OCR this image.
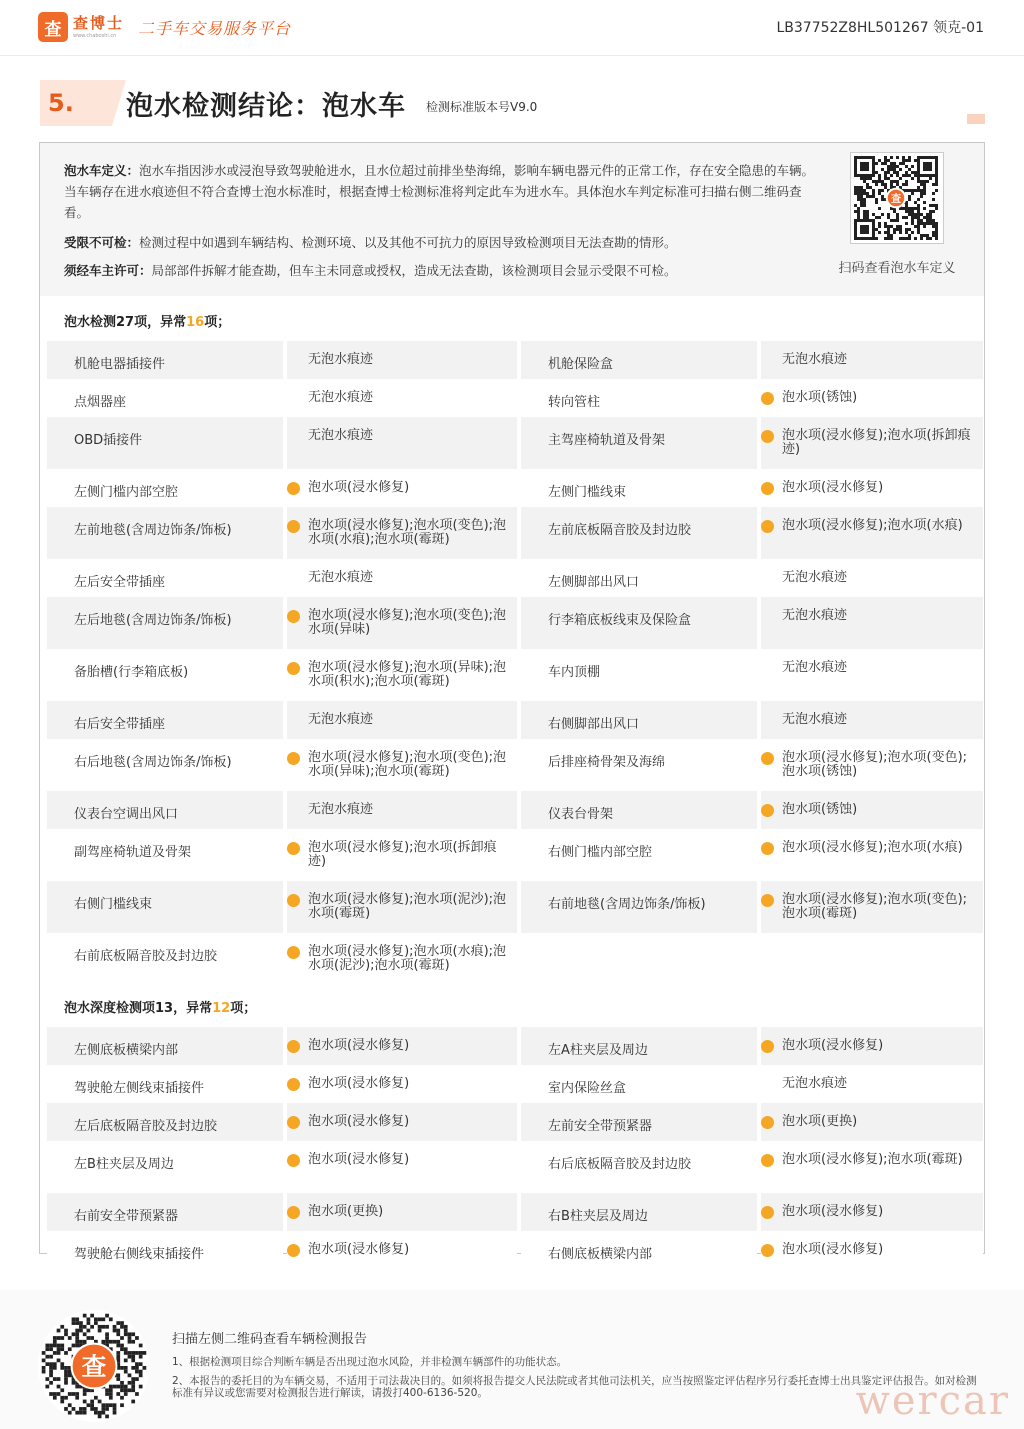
查 查博士
www.chaboshi.cn	二手车交易服务平台	LB37752Z8HL501267 领克-01
5. 泡水检测结论：泡水车 检测标准版本号V9.0
泡水车定义：泡水车指因涉水或浸泡导致驾驶舱进水，且水位超过前排坐垫海绵，影响车辆电器元件的正常工作，存在安全隐患的车辆。当车辆存在进水痕迹但不符合查博士泡水标准时，根据查博士检测标准将判定此车为进水车。具体泡水车判定标准可扫描右侧二维码查看。
受限不可检：检测过程中如遇到车辆结构、检测环境、以及其他不可抗力的原因导致检测项目无法查勘的情形。
须经车主许可：局部部件拆解才能查勘，但车主未同意或授权，造成无法查勘，该检测项目会显示受限不可检。
查
扫码查看泡水车定义
泡水检测27项，异常16项；
机舱电器插接件	无泡水痕迹	机舱保险盒	无泡水痕迹

点烟器座	无泡水痕迹	转向管柱	泡水项(锈蚀)

OBD插接件	无泡水痕迹	主驾座椅轨道及骨架	泡水项(浸水修复);泡水项(拆卸痕迹)

左侧门槛内部空腔	泡水项(浸水修复)	左侧门槛线束	泡水项(浸水修复)

左前地毯(含周边饰条/饰板)	泡水项(浸水修复);泡水项(变色);泡水项(水痕);泡水项(霉斑)	左前底板隔音胶及封边胶	泡水项(浸水修复);泡水项(水痕)

左后安全带插座	无泡水痕迹	左侧脚部出风口	无泡水痕迹

左后地毯(含周边饰条/饰板)	泡水项(浸水修复);泡水项(变色);泡水项(异味)	行李箱底板线束及保险盒	无泡水痕迹

备胎槽(行李箱底板)	泡水项(浸水修复);泡水项(异味);泡水项(积水);泡水项(霉斑)	车内顶棚	无泡水痕迹

右后安全带插座	无泡水痕迹	右侧脚部出风口	无泡水痕迹

右后地毯(含周边饰条/饰板)	泡水项(浸水修复);泡水项(变色);泡水项(异味);泡水项(霉斑)	后排座椅骨架及海绵	泡水项(浸水修复);泡水项(变色);泡水项(锈蚀)

仪表台空调出风口	无泡水痕迹	仪表台骨架	泡水项(锈蚀)

副驾座椅轨道及骨架	泡水项(浸水修复);泡水项(拆卸痕迹)	右侧门槛内部空腔	泡水项(浸水修复);泡水项(水痕)

右侧门槛线束	泡水项(浸水修复);泡水项(泥沙);泡水项(霉斑)	右前地毯(含周边饰条/饰板)	泡水项(浸水修复);泡水项(变色);泡水项(霉斑)

右前底板隔音胶及封边胶	泡水项(浸水修复);泡水项(水痕);泡水项(泥沙);泡水项(霉斑)		

泡水深度检测项13，异常12项；
左侧底板横梁内部	泡水项(浸水修复)	左A柱夹层及周边	泡水项(浸水修复)

驾驶舱左侧线束插接件	泡水项(浸水修复)	室内保险丝盒	无泡水痕迹

左后底板隔音胶及封边胶	泡水项(浸水修复)	左前安全带预紧器	泡水项(更换)

左B柱夹层及周边	泡水项(浸水修复)	右后底板隔音胶及封边胶	泡水项(浸水修复);泡水项(霉斑)

右前安全带预紧器	泡水项(更换)	右B柱夹层及周边	泡水项(浸水修复)

驾驶舱右侧线束插接件	泡水项(浸水修复)	右侧底板横梁内部	泡水项(浸水修复)
查
扫描左侧二维码查看车辆检测报告
1、根据检测项目综合判断车辆是否出现过泡水风险，并非检测车辆部件的功能状态。
2、本报告的委托目的为车辆交易，不适用于司法裁决目的。如须将报告提交人民法院或者其他司法机关，应当按照鉴定评估程序另行委托查博士出具鉴定评估报告。如对检测标准有异议或您需要对检测报告进行解读，请拨打400-6136-520。	wercar
